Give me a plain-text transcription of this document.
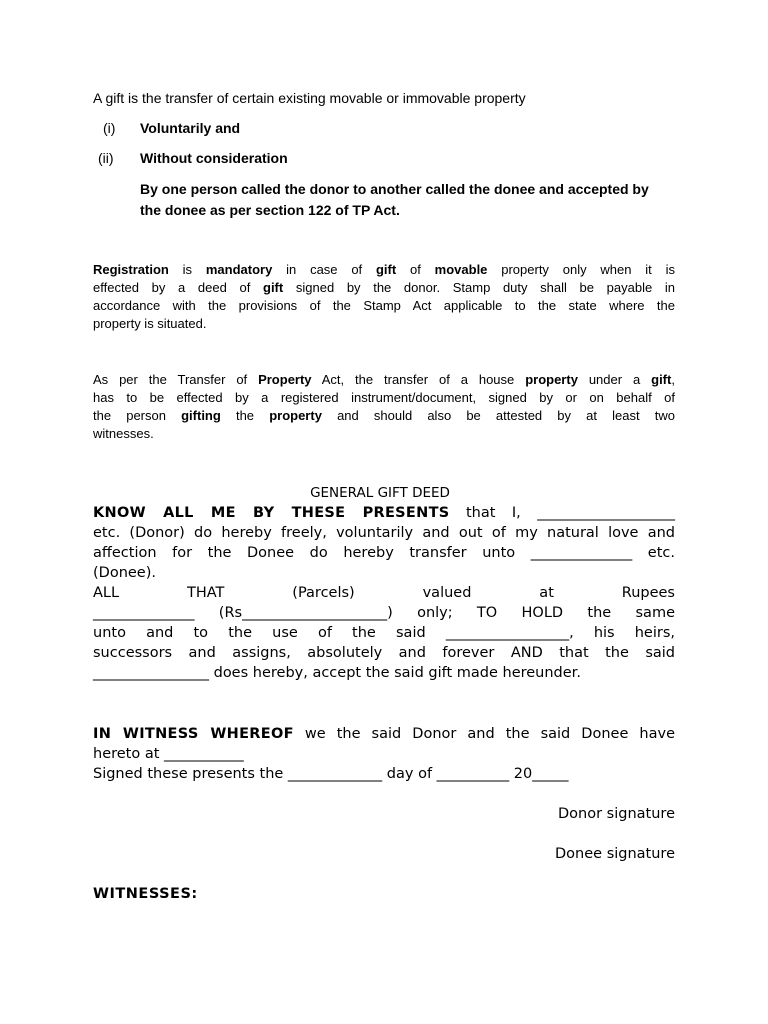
A gift is the transfer of certain existing movable or immovable property
(i) Voluntarily and
(ii) Without consideration
By one person called the donor to another called the donee and accepted by
the donee as per section 122 of TP Act.
Registration is mandatory in case of gift of movable property only when it is
effected by a deed of gift signed by the donor. Stamp duty shall be payable in
accordance with the provisions of the Stamp Act applicable to the state where the
property is situated.
As per the Transfer of Property Act, the transfer of a house property under a gift,
has to be effected by a registered instrument/document, signed by or on behalf of
the person gifting the property and should also be attested by at least two
witnesses.
GENERAL GIFT DEED
KNOW ALL ME BY THESE PRESENTS that I, ___________________
etc. (Donor) do hereby freely, voluntarily and out of my natural love and
affection for the Donee do hereby transfer unto ______________ etc.
(Donee).
ALL THAT (Parcels) valued at Rupees
______________ (Rs____________________) only; TO HOLD the same
unto and to the use of the said _________________, his heirs,
successors and assigns, absolutely and forever AND that the said
________________ does hereby, accept the said gift made hereunder.
IN WITNESS WHEREOF we the said Donor and the said Donee have
hereto at ___________
Signed these presents the _____________ day of __________ 20_____
Donor signature
Donee signature
WITNESSES:
